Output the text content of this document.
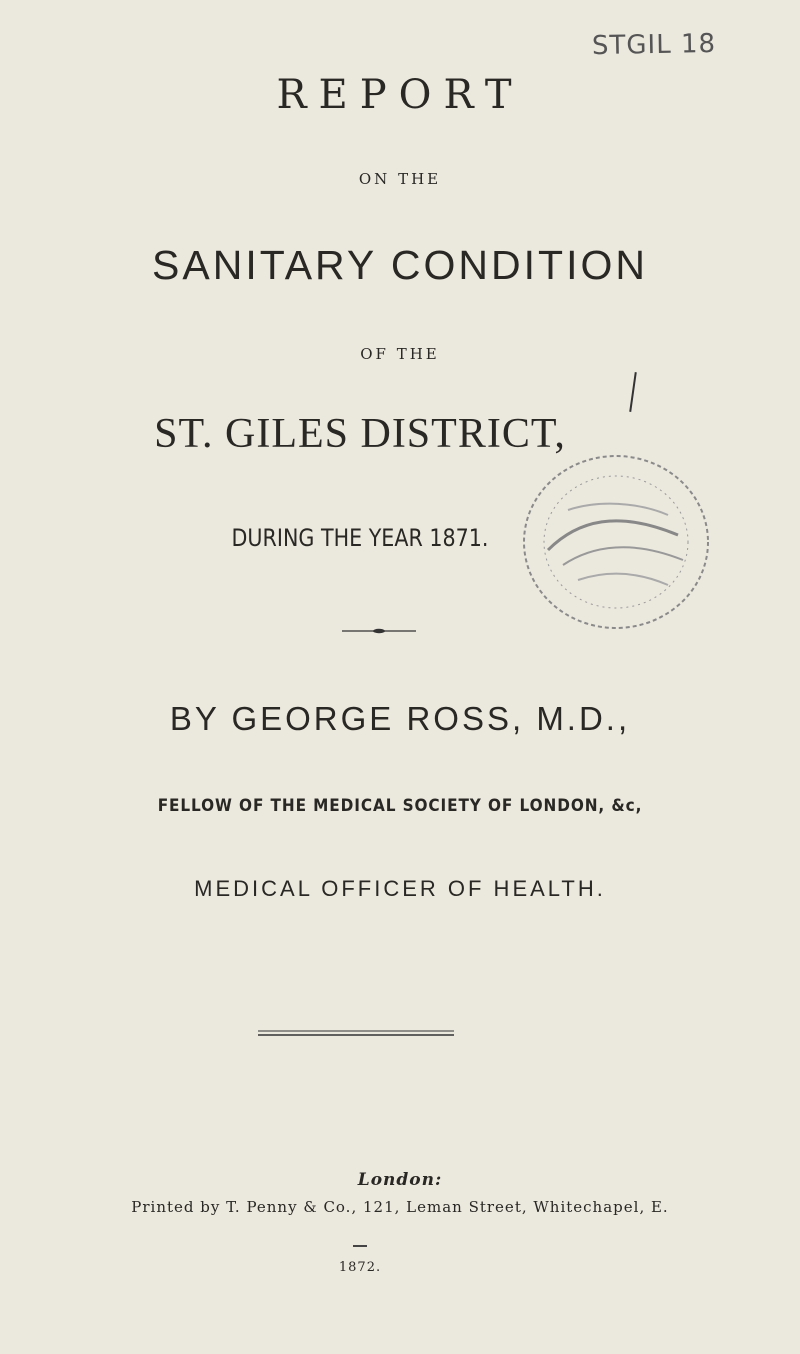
STGIL 18
REPORT
ON THE
SANITARY CONDITION
OF THE
ST. GILES DISTRICT,
DURING THE YEAR 1871.
BY GEORGE ROSS, M.D.,
FELLOW OF THE MEDICAL SOCIETY OF LONDON, &c,
MEDICAL OFFICER OF HEALTH.
London:
Printed by T. Penny & Co., 121, Leman Street, Whitechapel, E.
1872.
